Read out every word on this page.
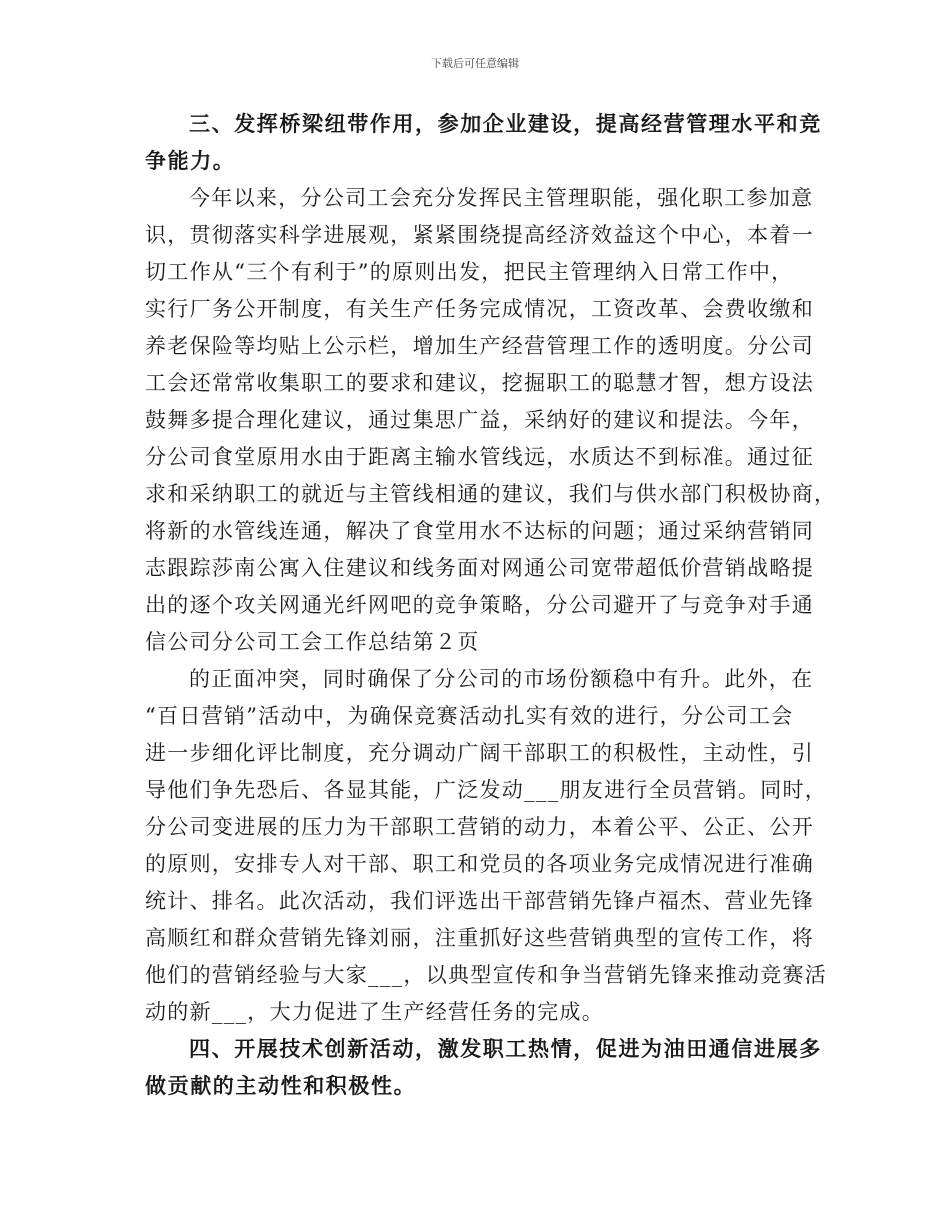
下载后可任意编辑
三、发挥桥梁纽带作用，参加企业建设，提高经营管理水平和竞
争能力。
今年以来，分公司工会充分发挥民主管理职能，强化职工参加意
识，贯彻落实科学进展观，紧紧围绕提高经济效益这个中心，本着一
切工作从“三个有利于”的原则出发，把民主管理纳入日常工作中，
实行厂务公开制度，有关生产任务完成情况，工资改革、会费收缴和
养老保险等均贴上公示栏，增加生产经营管理工作的透明度。分公司
工会还常常收集职工的要求和建议，挖掘职工的聪慧才智，想方设法
鼓舞多提合理化建议，通过集思广益，采纳好的建议和提法。今年，
分公司食堂原用水由于距离主输水管线远，水质达不到标准。通过征
求和采纳职工的就近与主管线相通的建议，我们与供水部门积极协商，
将新的水管线连通，解决了食堂用水不达标的问题；通过采纳营销同
志跟踪莎南公寓入住建议和线务面对网通公司宽带超低价营销战略提
出的逐个攻关网通光纤网吧的竞争策略，分公司避开了与竞争对手通
信公司分公司工会工作总结第２页
的正面冲突，同时确保了分公司的市场份额稳中有升。此外，在
“百日营销”活动中，为确保竞赛活动扎实有效的进行，分公司工会
进一步细化评比制度，充分调动广阔干部职工的积极性，主动性，引
导他们争先恐后、各显其能，广泛发动___朋友进行全员营销。同时，
分公司变进展的压力为干部职工营销的动力，本着公平、公正、公开
的原则，安排专人对干部、职工和党员的各项业务完成情况进行准确
统计、排名。此次活动，我们评选出干部营销先锋卢福杰、营业先锋
高顺红和群众营销先锋刘丽，注重抓好这些营销典型的宣传工作，将
他们的营销经验与大家___，以典型宣传和争当营销先锋来推动竞赛活
动的新___，大力促进了生产经营任务的完成。
四、开展技术创新活动，激发职工热情，促进为油田通信进展多
做贡献的主动性和积极性。
